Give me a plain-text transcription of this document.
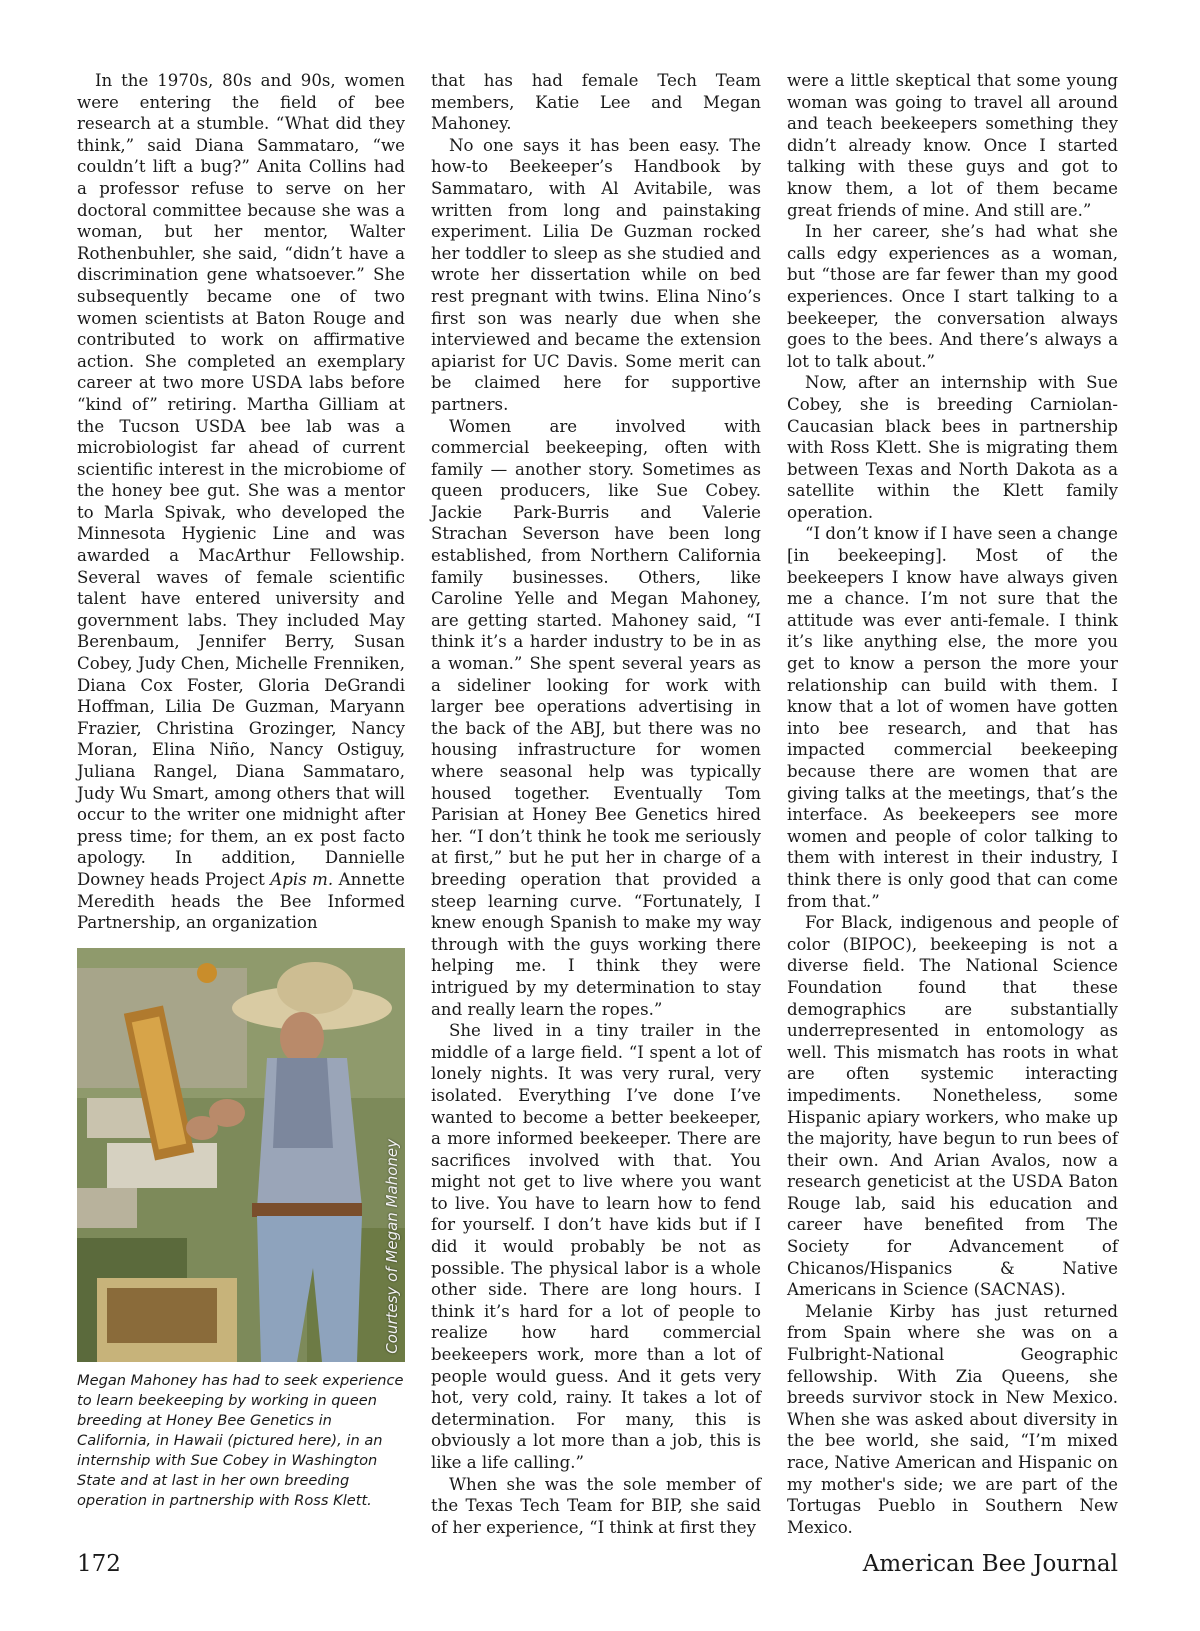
In the 1970s, 80s and 90s, women were entering the field of bee research at a stumble. “What did they think,” said Diana Sammataro, “we couldn’t lift a bug?” Anita Collins had a professor refuse to serve on her doctoral committee because she was a woman, but her mentor, Walter Rothenbuhler, she said, “didn’t have a discrimination gene whatsoever.” She subsequently became one of two women scientists at Baton Rouge and contributed to work on affirmative action. She completed an exemplary career at two more USDA labs before “kind of” retiring. Martha Gilliam at the Tucson USDA bee lab was a microbiologist far ahead of current scientific interest in the microbiome of the honey bee gut. She was a mentor to Marla Spivak, who developed the Minnesota Hygienic Line and was awarded a MacArthur Fellowship. Several waves of female scientific talent have entered university and government labs. They included May Berenbaum, Jennifer Berry, Susan Cobey, Judy Chen, Michelle Frenniken, Diana Cox Foster, Gloria DeGrandi Hoffman, Lilia De Guzman, Maryann Frazier, Christina Grozinger, Nancy Moran, Elina Niño, Nancy Ostiguy, Juliana Rangel, Diana Sammataro, Judy Wu Smart, among others that will occur to the writer one midnight after press time; for them, an ex post facto apology. In addition, Dannielle Downey heads Project Apis m. Annette Meredith heads the Bee Informed Partnership, an organization

Courtesy of Megan Mahoney
Megan Mahoney has had to seek experience to learn beekeeping by working in queen breeding at Honey Bee Genetics in California, in Hawaii (pictured here), in an internship with Sue Cobey in Washington State and at last in her own breeding operation in partnership with Ross Klett.

that has had female Tech Team members, Katie Lee and Megan Mahoney.

No one says it has been easy. The how-to Beekeeper’s Handbook by Sammataro, with Al Avitabile, was written from long and painstaking experiment. Lilia De Guzman rocked her toddler to sleep as she studied and wrote her dissertation while on bed rest pregnant with twins. Elina Nino’s first son was nearly due when she interviewed and became the extension apiarist for UC Davis. Some merit can be claimed here for supportive partners.

Women are involved with commercial beekeeping, often with family — another story. Sometimes as queen producers, like Sue Cobey. Jackie Park-Burris and Valerie Strachan Severson have been long established, from Northern California family businesses. Others, like Caroline Yelle and Megan Mahoney, are getting started. Mahoney said, “I think it’s a harder industry to be in as a woman.” She spent several years as a sideliner looking for work with larger bee operations advertising in the back of the ABJ, but there was no housing infrastructure for women where seasonal help was typically housed together. Eventually Tom Parisian at Honey Bee Genetics hired her. “I don’t think he took me seriously at first,” but he put her in charge of a breeding operation that provided a steep learning curve. “Fortunately, I knew enough Spanish to make my way through with the guys working there helping me. I think they were intrigued by my determination to stay and really learn the ropes.”

She lived in a tiny trailer in the middle of a large field. “I spent a lot of lonely nights. It was very rural, very isolated. Everything I’ve done I’ve wanted to become a better beekeeper, a more informed beekeeper. There are sacrifices involved with that. You might not get to live where you want to live. You have to learn how to fend for yourself. I don’t have kids but if I did it would probably be not as possible. The physical labor is a whole other side. There are long hours. I think it’s hard for a lot of people to realize how hard commercial beekeepers work, more than a lot of people would guess. And it gets very hot, very cold, rainy. It takes a lot of determination. For many, this is obviously a lot more than a job, this is like a life calling.”

When she was the sole member of the Texas Tech Team for BIP, she said of her experience, “I think at first they

were a little skeptical that some young woman was going to travel all around and teach beekeepers something they didn’t already know. Once I started talking with these guys and got to know them, a lot of them became great friends of mine. And still are.”

In her career, she’s had what she calls edgy experiences as a woman, but “those are far fewer than my good experiences. Once I start talking to a beekeeper, the conversation always goes to the bees. And there’s always a lot to talk about.”

Now, after an internship with Sue Cobey, she is breeding Carniolan-Caucasian black bees in partnership with Ross Klett. She is migrating them between Texas and North Dakota as a satellite within the Klett family operation.

“I don’t know if I have seen a change [in beekeeping]. Most of the beekeepers I know have always given me a chance. I’m not sure that the attitude was ever anti-female. I think it’s like anything else, the more you get to know a person the more your relationship can build with them. I know that a lot of women have gotten into bee research, and that has impacted commercial beekeeping because there are women that are giving talks at the meetings, that’s the interface. As beekeepers see more women and people of color talking to them with interest in their industry, I think there is only good that can come from that.”

For Black, indigenous and people of color (BIPOC), beekeeping is not a diverse field. The National Science Foundation found that these demographics are substantially underrepresented in entomology as well. This mismatch has roots in what are often systemic interacting impediments. Nonetheless, some Hispanic apiary workers, who make up the majority, have begun to run bees of their own. And Arian Avalos, now a research geneticist at the USDA Baton Rouge lab, said his education and career have benefited from The Society for Advancement of Chicanos/Hispanics & Native Americans in Science (SACNAS).

Melanie Kirby has just returned from Spain where she was on a Fulbright-National Geographic fellowship. With Zia Queens, she breeds survivor stock in New Mexico. When she was asked about diversity in the bee world, she said, “I’m mixed race, Native American and Hispanic on my mother's side; we are part of the Tortugas Pueblo in Southern New Mexico.

172	American Bee Journal
